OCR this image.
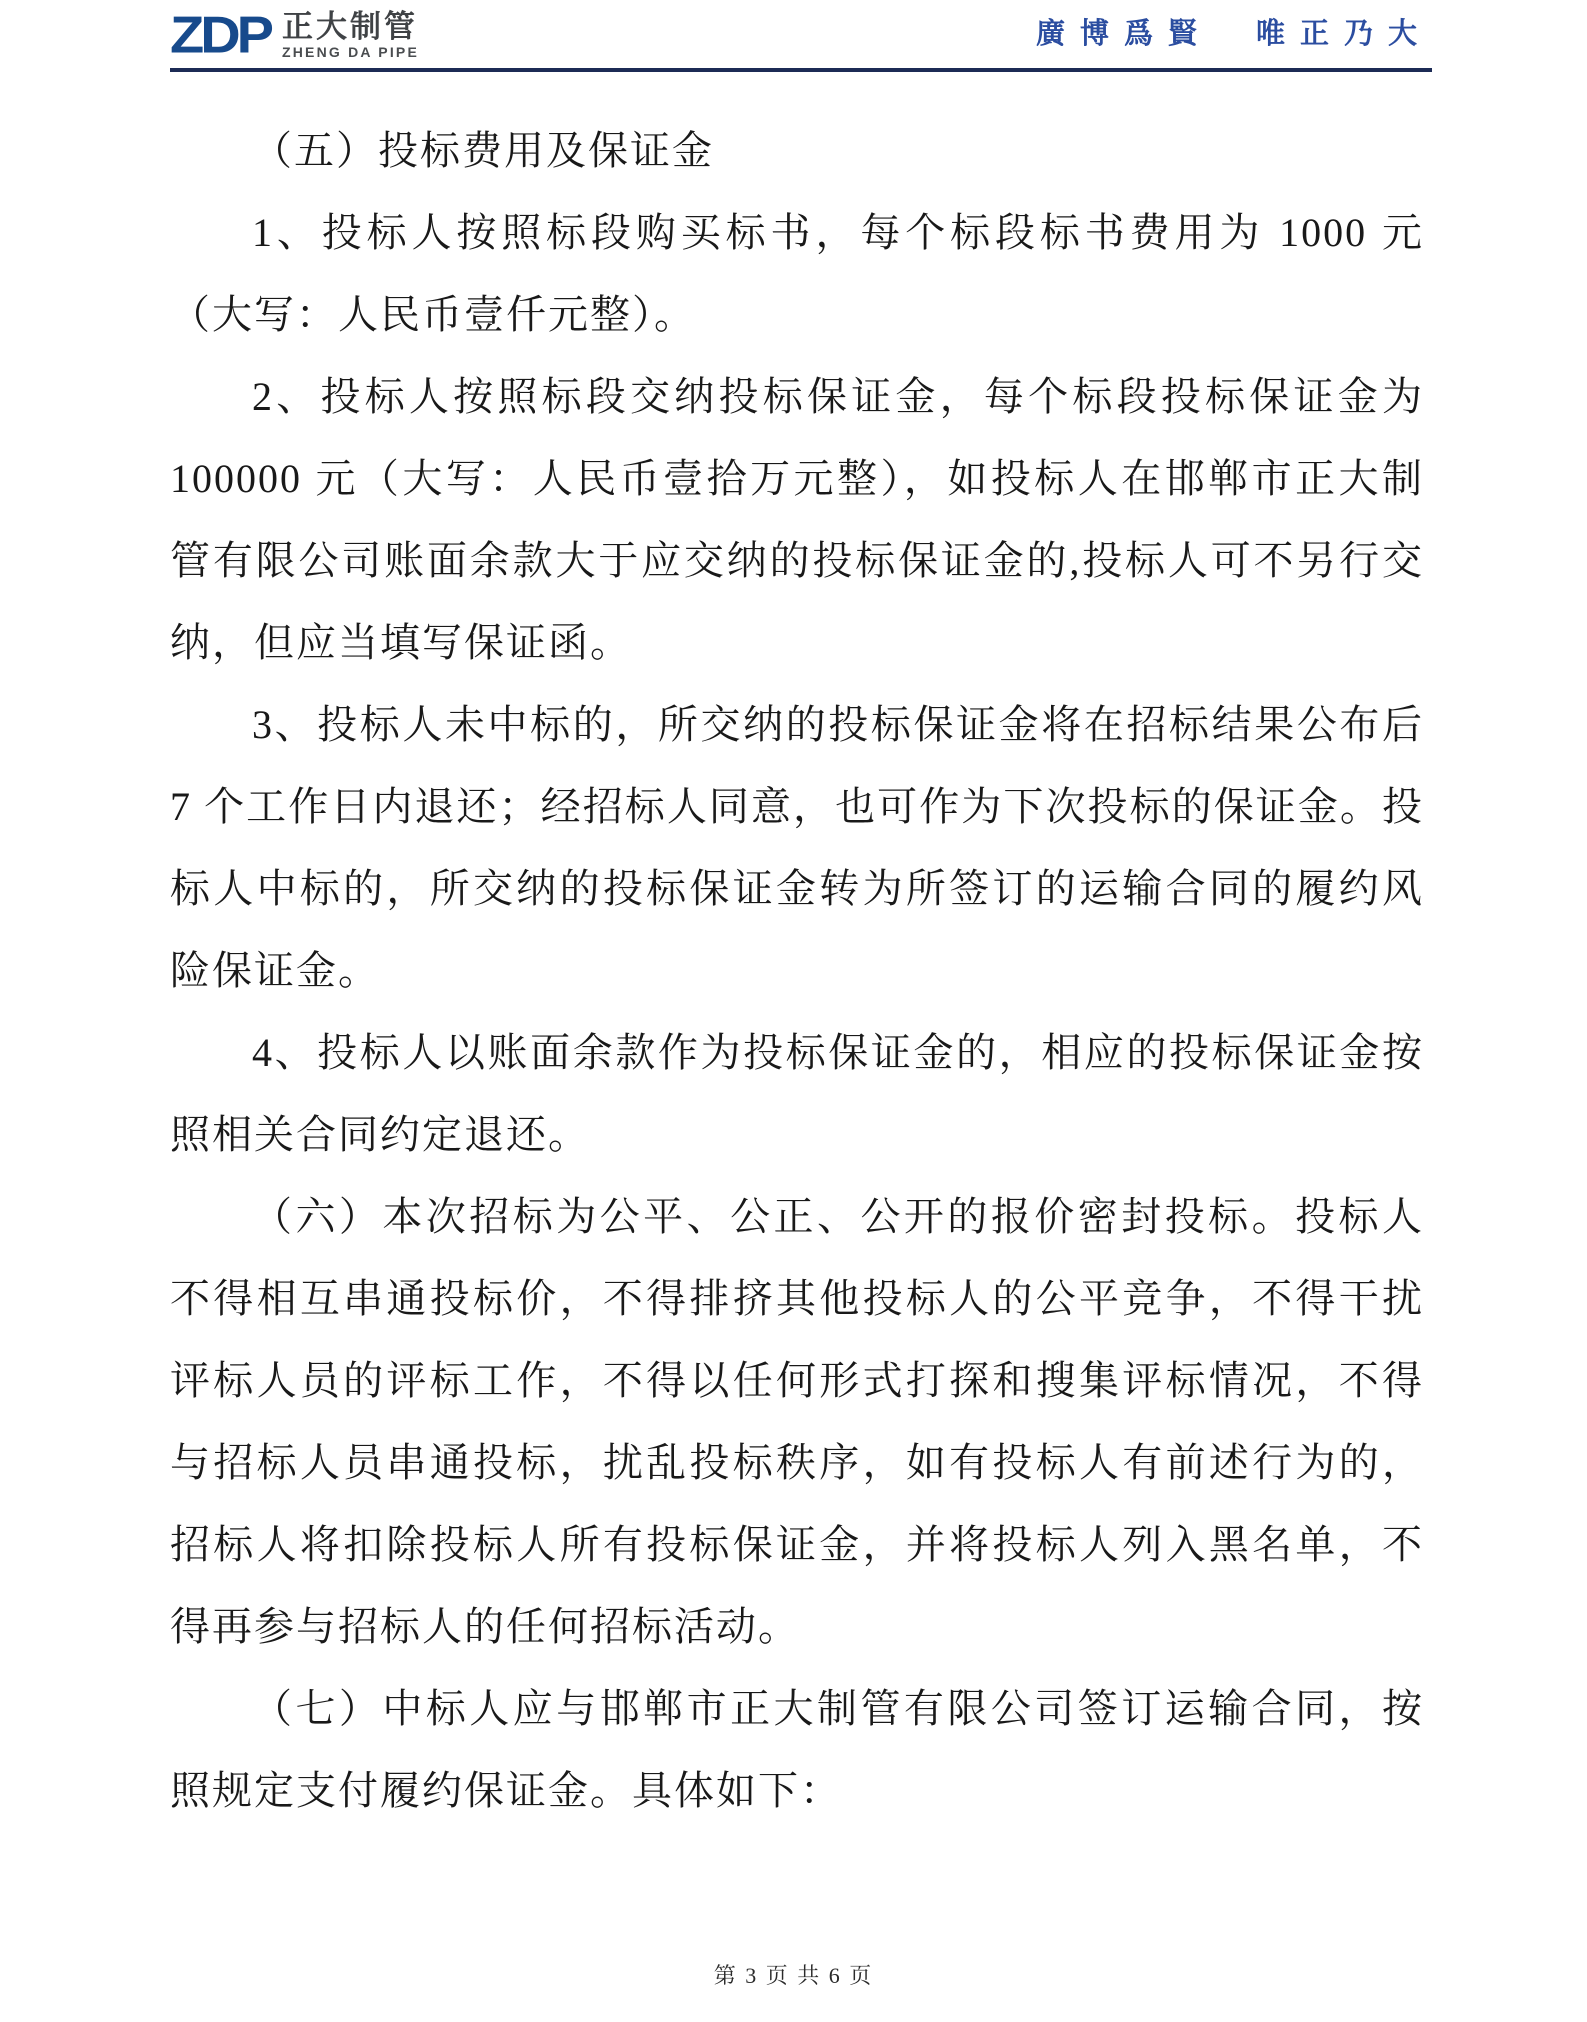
ZDP 正大制管
ZHENG DA PIPE
廣博爲賢　唯正乃大

（五）投标费用及保证金

1、投标人按照标段购买标书，每个标段标书费用为 1000 元（大写：人民币壹仟元整）。

2、投标人按照标段交纳投标保证金，每个标段投标保证金为 100000 元（大写：人民币壹拾万元整），如投标人在邯郸市正大制管有限公司账面余款大于应交纳的投标保证金的,投标人可不另行交纳，但应当填写保证函。

3、投标人未中标的，所交纳的投标保证金将在招标结果公布后 7 个工作日内退还；经招标人同意，也可作为下次投标的保证金。投标人中标的，所交纳的投标保证金转为所签订的运输合同的履约风险保证金。

4、投标人以账面余款作为投标保证金的，相应的投标保证金按照相关合同约定退还。

（六）本次招标为公平、公正、公开的报价密封投标。投标人不得相互串通投标价，不得排挤其他投标人的公平竞争，不得干扰评标人员的评标工作，不得以任何形式打探和搜集评标情况，不得与招标人员串通投标，扰乱投标秩序，如有投标人有前述行为的，招标人将扣除投标人所有投标保证金，并将投标人列入黑名单，不得再参与招标人的任何招标活动。

（七）中标人应与邯郸市正大制管有限公司签订运输合同，按照规定支付履约保证金。具体如下：

第 3 页 共 6 页
